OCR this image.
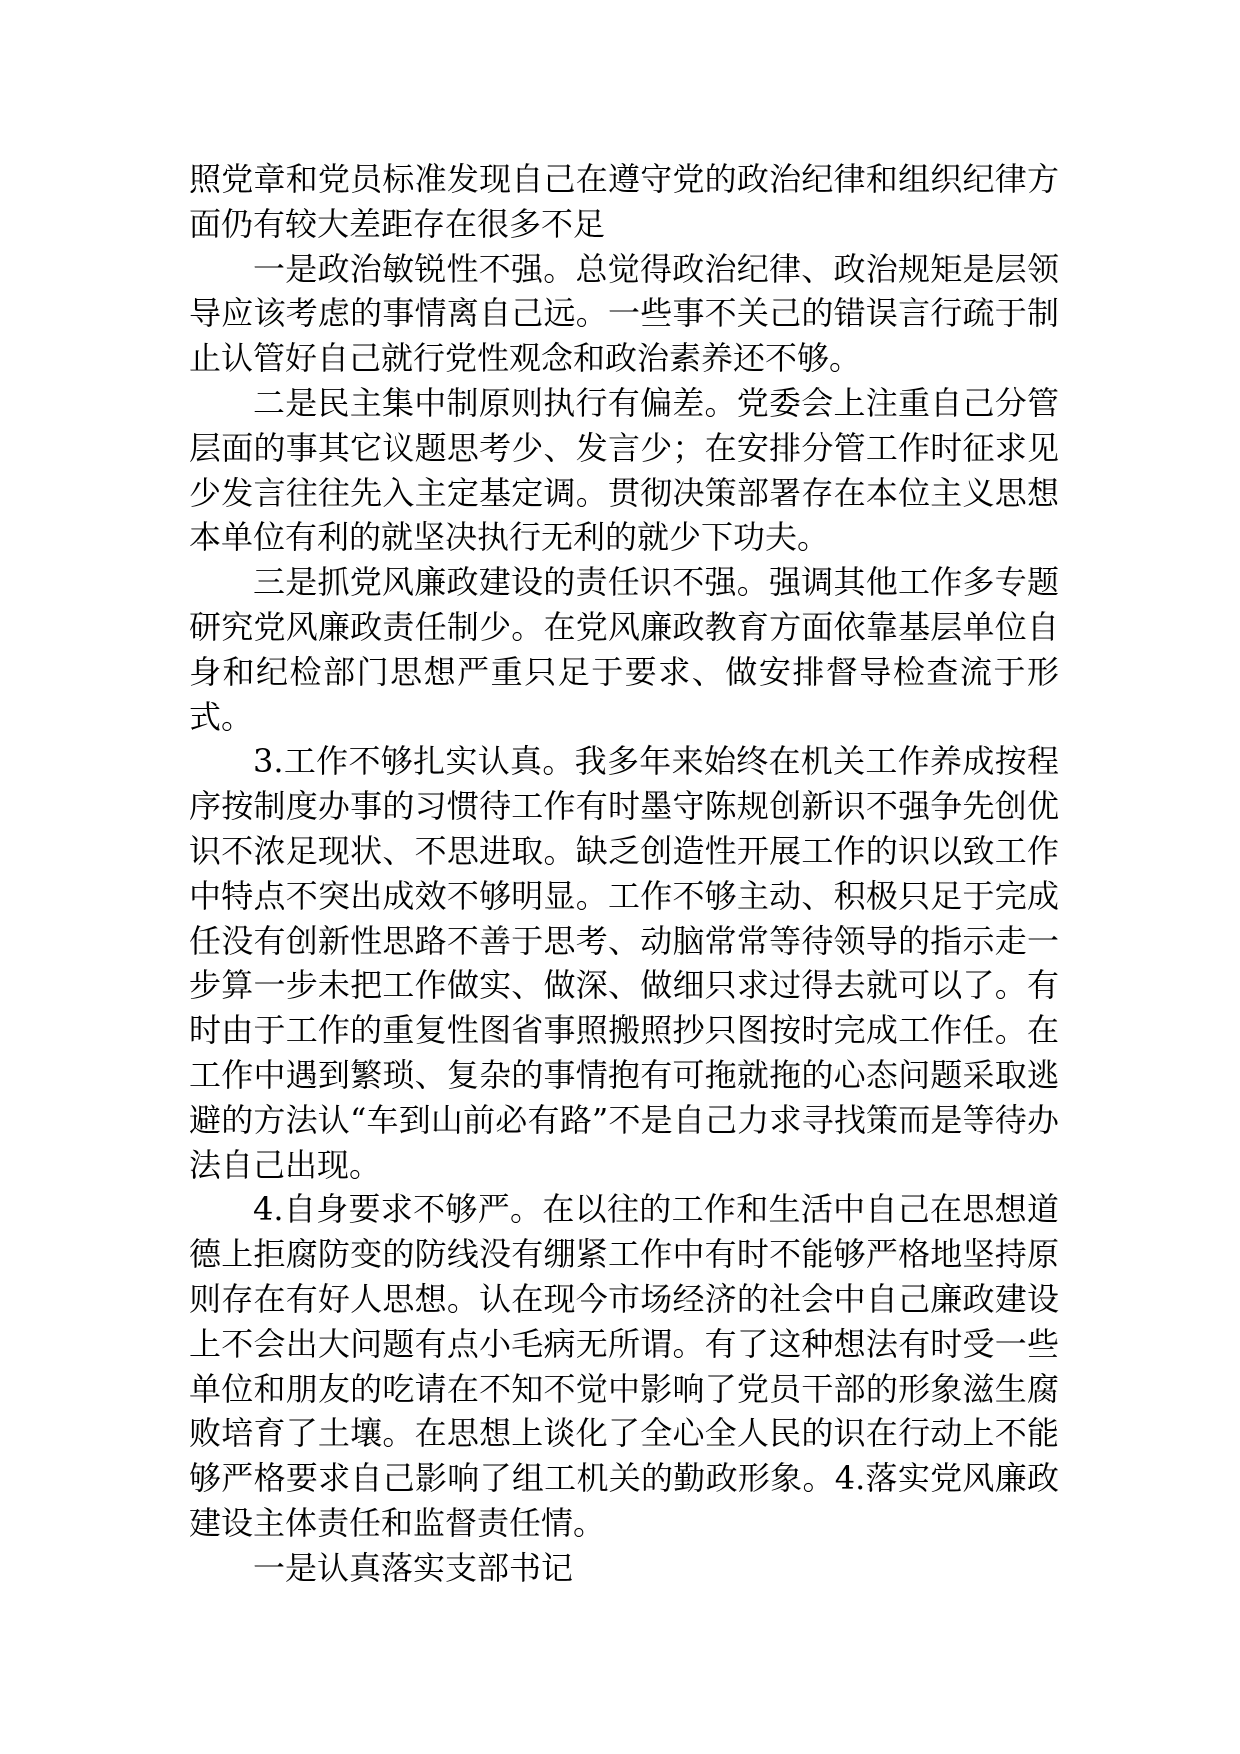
照党章和党员标准发现自己在遵守党的政治纪律和组织纪律方面仍有较大差距存在很多不足

一是政治敏锐性不强。总觉得政治纪律、政治规矩是层领导应该考虑的事情离自己远。一些事不关己的错误言行疏于制止认管好自己就行党性观念和政治素养还不够。

二是民主集中制原则执行有偏差。党委会上注重自己分管层面的事其它议题思考少、发言少；在安排分管工作时征求见少发言往往先入主定基定调。贯彻决策部署存在本位主义思想本单位有利的就坚决执行无利的就少下功夫。

三是抓党风廉政建设的责任识不强。强调其他工作多专题研究党风廉政责任制少。在党风廉政教育方面依靠基层单位自身和纪检部门思想严重只足于要求、做安排督导检查流于形式。

3.工作不够扎实认真。我多年来始终在机关工作养成按程序按制度办事的习惯待工作有时墨守陈规创新识不强争先创优识不浓足现状、不思进取。缺乏创造性开展工作的识以致工作中特点不突出成效不够明显。工作不够主动、积极只足于完成任没有创新性思路不善于思考、动脑常常等待领导的指示走一步算一步未把工作做实、做深、做细只求过得去就可以了。有时由于工作的重复性图省事照搬照抄只图按时完成工作任。在工作中遇到繁琐、复杂的事情抱有可拖就拖的心态问题采取逃避的方法认“车到山前必有路”不是自己力求寻找策而是等待办法自己出现。

4.自身要求不够严。在以往的工作和生活中自己在思想道德上拒腐防变的防线没有绷紧工作中有时不能够严格地坚持原则存在有好人思想。认在现今市场经济的社会中自己廉政建设上不会出大问题有点小毛病无所谓。有了这种想法有时受一些单位和朋友的吃请在不知不觉中影响了党员干部的形象滋生腐败培育了土壤。在思想上谈化了全心全人民的识在行动上不能够严格要求自己影响了组工机关的勤政形象。4.落实党风廉政建设主体责任和监督责任情。

一是认真落实支部书记
